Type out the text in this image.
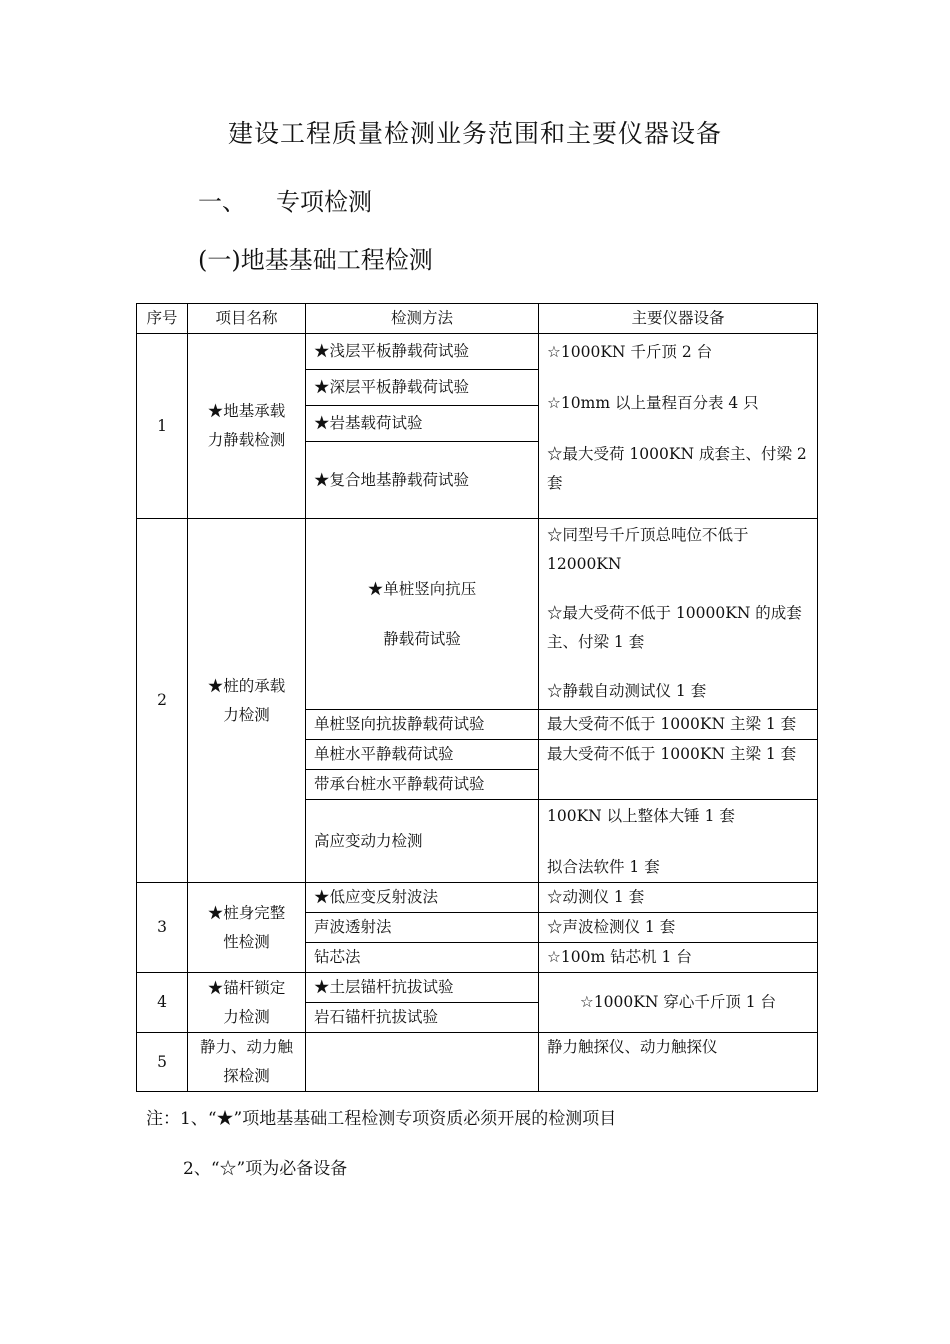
建设工程质量检测业务范围和主要仪器设备
一、 专项检测
(一)地基基础工程检测
序号	项目名称	检测方法	主要仪器设备
1	★地基承载力静载检测	★浅层平板静载荷试验	☆1000KN 千斤顶 2 台
☆10mm 以上量程百分表 4 只
☆最大受荷 1000KN 成套主、付梁 2 套

		★深层平板静载荷试验	
		★岩基载荷试验	
		★复合地基静载荷试验	
2	★桩的承载力检测	★单桩竖向抗压静载荷试验	☆同型号千斤顶总吨位不低于 12000KN
☆最大受荷不低于 10000KN 的成套主、付梁 1 套
☆静载自动测试仪 1 套

		单桩竖向抗拔静载荷试验	最大受荷不低于 1000KN 主梁 1 套
		单桩水平静载荷试验	最大受荷不低于 1000KN 主梁 1 套
		带承台桩水平静载荷试验	
		高应变动力检测	100KN 以上整体大锤 1 套
拟合法软件 1 套

3	★桩身完整性检测	★低应变反射波法	☆动测仪 1 套
		声波透射法	☆声波检测仪 1 套
		钻芯法	☆100m 钻芯机 1 台
4	★锚杆锁定力检测	★土层锚杆抗拔试验	☆1000KN 穿心千斤顶 1 台
		岩石锚杆抗拔试验	
5	静力、动力触探检测		静力触探仪、动力触探仪
注：1、“★”项地基基础工程检测专项资质必须开展的检测项目
2、“☆”项为必备设备
